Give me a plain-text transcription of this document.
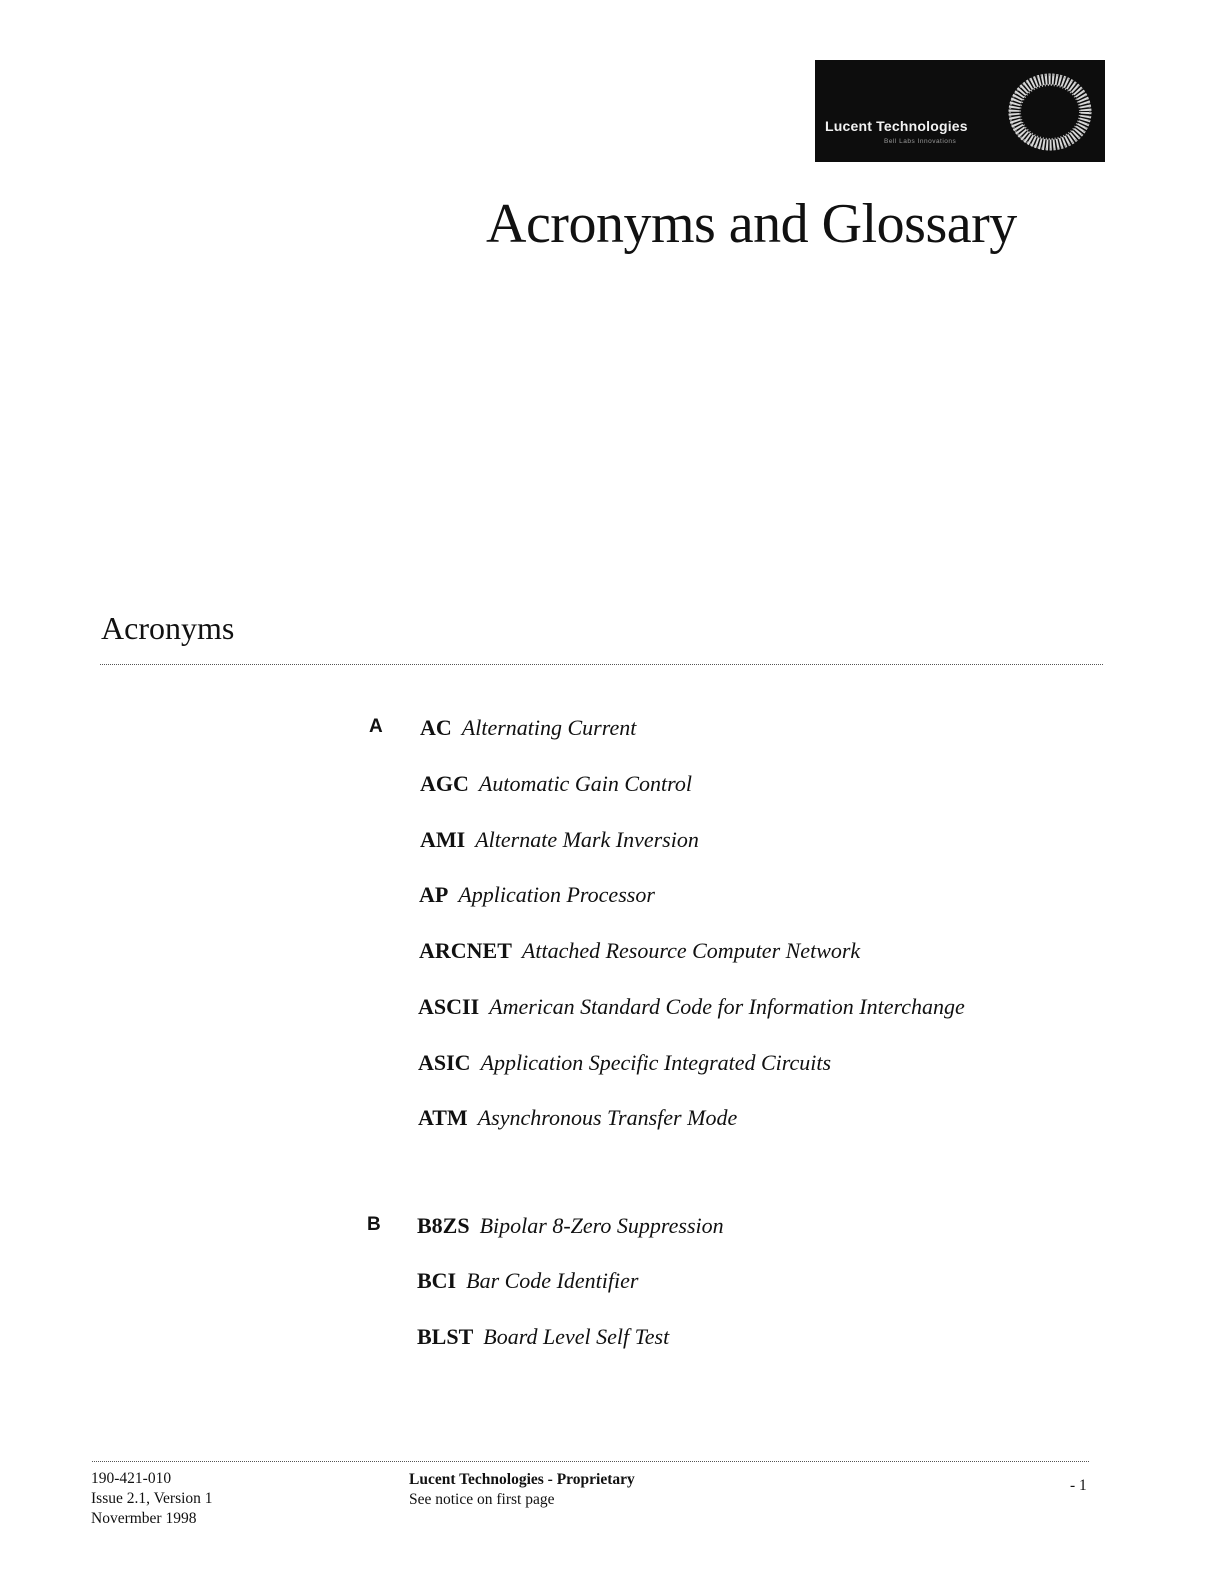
Lucent Technologies
Bell Labs Innovations
Acronyms and Glossary
Acronyms
A AC Alternating Current
AGC Automatic Gain Control
AMI Alternate Mark Inversion
AP Application Processor
ARCNET Attached Resource Computer Network
ASCII American Standard Code for Information Interchange
ASIC Application Specific Integrated Circuits
ATM Asynchronous Transfer Mode
B B8ZS Bipolar 8-Zero Suppression
BCI Bar Code Identifier
BLST Board Level Self Test
190-421-010
Issue 2.1, Version 1
Novermber 1998
Lucent Technologies - Proprietary
See notice on first page
- 1
